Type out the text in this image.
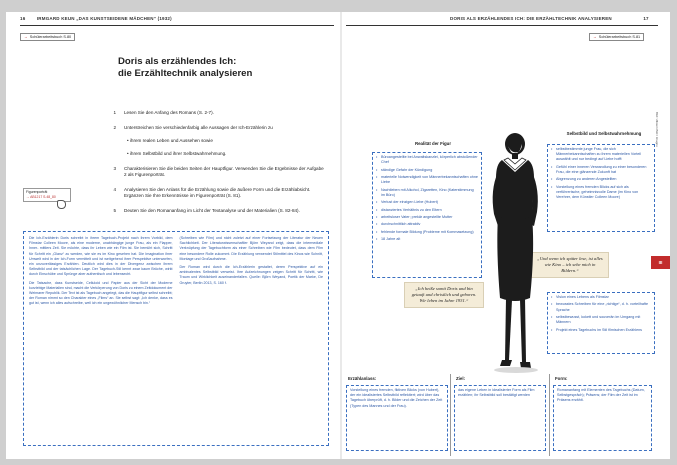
16	IRMGARD KEUN „DAS KUNSTSEIDENE MÄDCHEN“ (1932)
→ Schülerarbeitsbuch S.80
Doris als erzählendes Ich:
die Erzähltechnik analysieren
1 Lesen Sie den Anfang des Romans (S. 2-7).
2 Unterstreichen Sie verschiedenfarbig alle Aussagen der Ich-Erzählerin zu
• ihrem realen Leben und Aussehen sowie
• ihrem Selbstbild und ihrer Selbstwahrnehmung.
3 Charakterisieren Sie die beiden Seiten der Hauptfigur. Verwenden Sie die Ergebnisse der Aufgabe 2 als Figurenporträt.
4 Analysieren Sie den Anlass für die Erzählung sowie die äußere Form und die Erzählabsicht. Ergänzen Sie Ihre Erkenntnisse im Figurenporträt (S. 81).
5 Deuten Sie den Romananfang im Licht der Textanalyse und der Materialien (S. 82-84).
Figurenporträt
→ AB1217 S.48_80

Die Ich-Erzählerin Doris schreibt in ihrem Tagebuch-Projekt nach ihrem Vorbild, dem Filmstar Colleen Moore, als eine moderne, unabhängige junge Frau, als ein Flapper, Inner- mittlers Zeit. Sie möchte, dass ihr Leben wie ein Film ist. Sie bemüht sich, Schritt für Schritt ein „Glanz“ zu werden, wie sie es im Kino gesehen hat. Die Imagination ihrer Umwelt wird in der Ich-Form vermittelt und ist weitgehend ihrer Perspektive unterworfen, ein unzuverlässiges Erzählen. Deutlich wird dies in der Divergenz zwischen ihrem Selbstbild und der tatsächlichen Lage. Der Tagebuch-Stil kennt zwar kaum Brüche, wirkt durch Einschübe und Sprünge aber authentisch und lebensecht.

Die Tatsache, dass Kunstseide, Celluloid und Papier aus der Sicht der Moderne kurzlebige Materialien sind, macht die Verkörperung von Doris zu einem Zeitdokument der Weimarer Republik. Der Text ist als Tagebuch angelegt, das die Hauptfigur selbst schreibt; der Roman nimmt so den Charakter eines „Films“ an. Sie selbst sagt: „Ich denke, dass es gut ist, wenn ich alles aufschreibe, weil ich ein ungewöhnlicher Mensch bin.“

(Schreiben wie Film) und nicht zuletzt auf einer Fortsetzung der Literatur der Neuen Sachlichkeit. Der Literaturwissenschaftler Björn Weyand zeigt, dass die intermediale Verknüpfung der Tagebuchform als einer Schreiben wie Film bedeutet, dass dem Film eine besondere Rolle zukommt. Die Erzählung verwendet Stilmittel des Kinos wie Schnitt, Montage und Großaufnahme.

Der Roman wird durch die Ich-Erzählerin gestaltet, deren Perspektive auf ein ambivalentes Selbstbild verweist. Ihre Aufzeichnungen zeigen Schritt für Schritt, wie Traum und Wirklichkeit auseinanderfallen. Quelle: Björn Weyand, Poetik der Marke, De Gruyter, Berlin 2013, S. 160 f.

DORIS ALS ERZÄHLENDES ICH: DIE ERZÄHLTECHNIK ANALYSIEREN	17
→ Schülerarbeitsbuch S.81
Realität der Figur
Selbstbild und Selbstwahrnehmung
• Büroangestellte bei Anwaltskanzlei, körperlich abstoßender Chef
• ständige Gefahr der Kündigung
• materielle Notwendigkeit von Männerbekanntschaften ohne Liebe
• Nachtleben mit Alkohol, Zigaretten, Kino (Katerstimmung im Büro)
• Verlust der einzigen Liebe (Hubert)
• distanziertes Verhältnis zu den Eltern
• arbeitsloser Vater; prekär angestellte Mutter
• durchschnittlich attraktiv
• fehlende formale Bildung (Probleme mit Kommasetzung)
• 18 Jahre alt
• selbstbestimmte junge Frau, die sich Männerbekanntschaften zu ihrem materiellen Vorteil auswählt und nur bedingt auf Liebe hofft
• Gefühl einer inneren Verwandlung zu einer besonderen Frau, die eine glänzende Zukunft hat
• Abgrenzung zu anderen Angestellten
• Vorstellung eines fremden Blicks auf sich als verführerische, geheimnisvolle Dame (im Kino von Verehrer, dem Künstler Colleen Moore)
• Vision eines Lebens als Filmstar
• bewusstes Schreiben für eine „richtige“, d. h. vorteilhafte Sprache
• selbstbewusst, kokett und souverän im Umgang mit Männern
• Projekt eines Tagebuchs im Stil filmischen Erzählens
„Ich heiße somit Doris und bin getauft und christlich und geboren. Wir leben im Jahre 1931.“
„Und wenn ich später lese, ist alles wie Kino – ich sehe mich in Bildern.“
III
Bild: Ullstein Bild / Imagno
Erzählanlass:
Vorstellung eines fremden, fiktiven Blicks (von Hubert), der ein idealisiertes Selbstbild reflektiert; wird über das Tagebuch überprüft, d. h. Bilder und die Zeichen der Zeit (Typen des Mannes und der Frau).
Ziel:
das eigene Leben in idealisierter Form als Film erzählen; ihr Selbstbild soll bestätigt werden
Form:
Romananfang mit Elementen des Tagebuchs (Datum, Selbstgespräch); Präsens; der Film der Zeit ist im Präsens erzählt.
